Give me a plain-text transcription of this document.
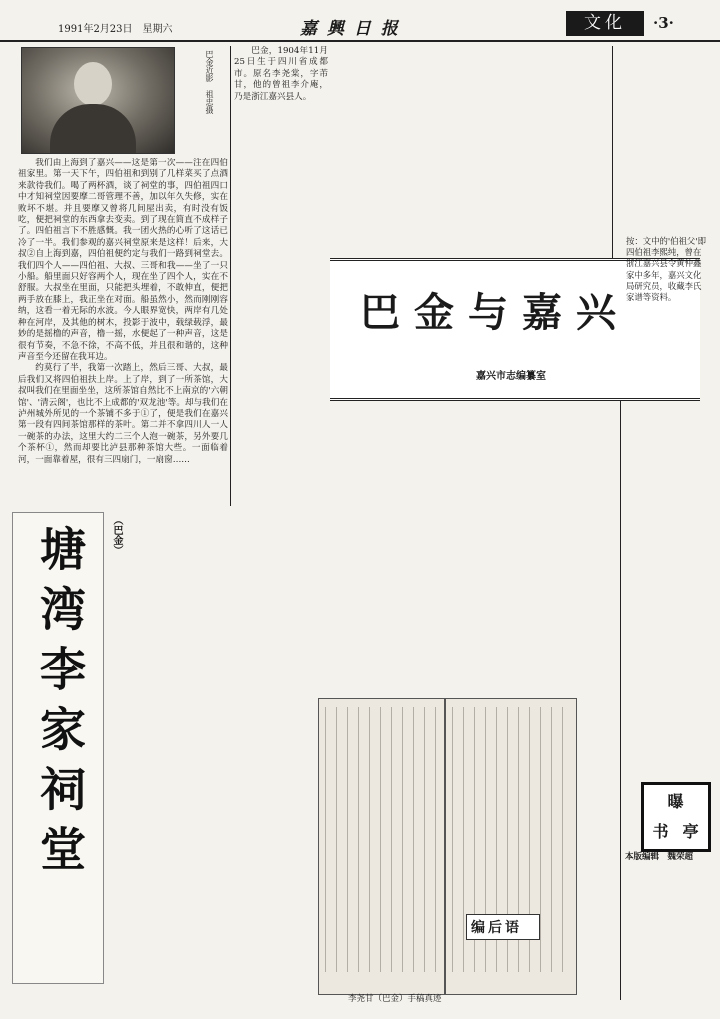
1991年2月23日　星期六	嘉 興 日 报	文化	·3·
巴金近影　祖忠摄

我们由上海到了嘉兴——这是第一次——注在四伯祖家里。第一天下午，四伯祖和到别了几样菜买了点酒来款待我们。喝了两杯酒，谈了祠堂的事，四伯祖四口中才知祠堂因要摩二哥管理不善，加以年久失修，实在败坏不堪。并且要摩又曾将几间屋出卖，有时没有饭吃，便把祠堂的东西拿去变卖。到了现在简直不成样子了。四伯祖言下不胜感慨。我一团火热的心听了这话已冷了一半。我们参观的嘉兴祠堂原来是这样！后来，大叔②自上海到嘉，四伯祖便约定与我们一路到祠堂去。我们四个人——四伯祖、大叔、三哥和我——坐了一只小船。船里面只好容两个人，现在坐了四个人，实在不舒服。大叔坐在里面，只能把头埋着，不敢伸直，便把两手放在膝上，我正坐在对面。船虽然小，然而刚刚容纳，这看一着无际的水波。今人眼界宽快，两岸有几处种在河岸，及其他的树木，投影于波中，载绿载浮，最妙的是摇橹的声音，橹一摇，水便起了一种声音，这是很有节奏，不急不徐，不高不低，并且很和谐的，这种声音至今还留在我耳边。

约莫行了半，我第一次踏上，然后三哥、大叔，最后我们又将四伯祖扶上岸。上了岸，到了一所茶馆，大叔叫我们在里面坐坐，这所茶馆自然比不上南京的'六朝馆'、'清云阁'，也比不上成都的'双龙池'等。却与我们在泸州城外所见的一个茶铺不多于①了，便是我们在嘉兴第一段有四间茶馆那样的茶叶。第二并不拿四川人一人一碗茶的办法，这里大约二三个人泡一碗茶，另外要几个茶杯①，然而却要比泸县那种茶馆大些。一面临着河，一面靠着屋，很有三四扇门，一扇窗……

巴金，1904年11月25日生于四川省成都市。原名李尧棠，字芾甘，他的曾祖李介庵，乃是浙江嘉兴县人。

巴金与嘉兴
嘉兴市志编纂室
按：文中的'伯祖父'即四伯祖李熙纯，曾在浙江嘉兴县令黄仲鑫家中多年，嘉兴文化局研究员，收藏李氏家谱等资料。
塘湾李家祠堂	（巴金）
李尧甘（巴金）手稿真迹
编后语
曝
书 亭
本版编辑　魏荣超
